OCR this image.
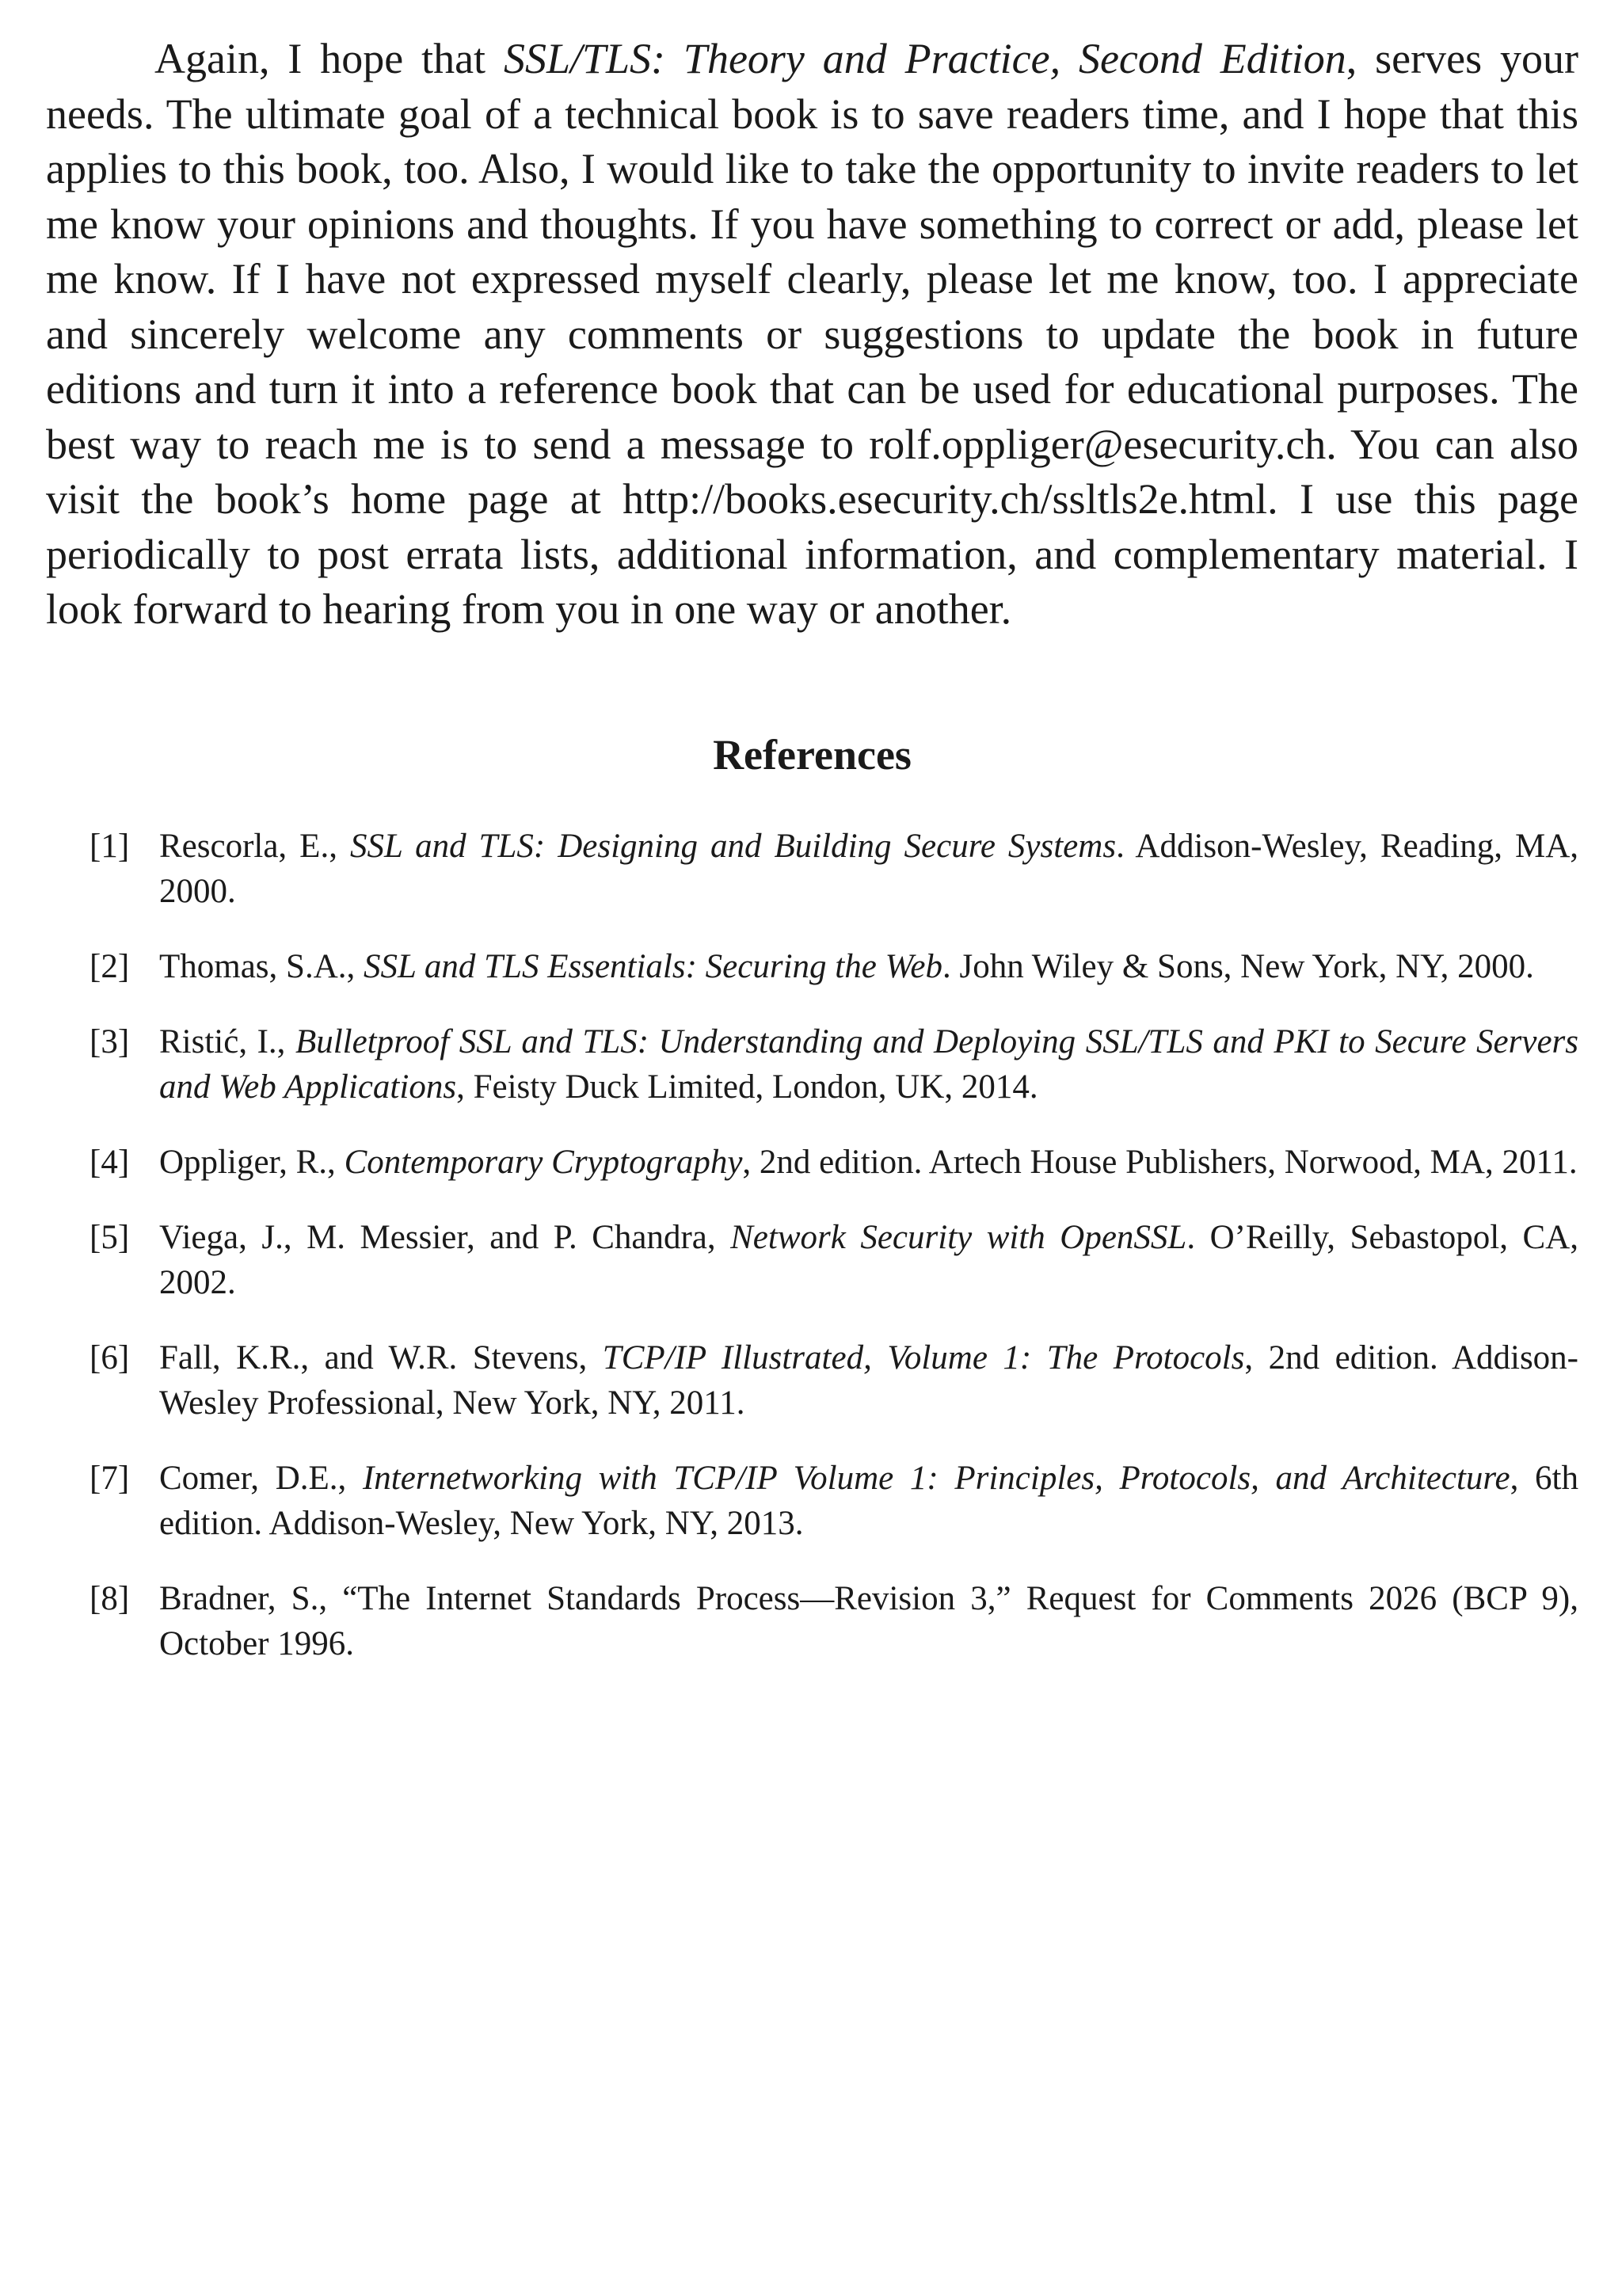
Again, I hope that SSL/TLS: Theory and Practice, Second Edition, serves your needs. The ultimate goal of a technical book is to save readers time, and I hope that this applies to this book, too. Also, I would like to take the opportunity to invite readers to let me know your opinions and thoughts. If you have something to correct or add, please let me know. If I have not expressed myself clearly, please let me know, too. I appreciate and sincerely welcome any comments or suggestions to update the book in future editions and turn it into a reference book that can be used for educational purposes. The best way to reach me is to send a message to rolf.oppliger@esecurity.ch. You can also visit the book’s home page at http://books.esecurity.ch/ssltls2e.html. I use this page periodically to post errata lists, additional information, and complementary material. I look forward to hearing from you in one way or another.

References
[1] Rescorla, E., SSL and TLS: Designing and Building Secure Systems. Addison-Wesley, Reading, MA, 2000.
[2] Thomas, S.A., SSL and TLS Essentials: Securing the Web. John Wiley & Sons, New York, NY, 2000.
[3] Ristić, I., Bulletproof SSL and TLS: Understanding and Deploying SSL/TLS and PKI to Secure Servers and Web Applications, Feisty Duck Limited, London, UK, 2014.
[4] Oppliger, R., Contemporary Cryptography, 2nd edition. Artech House Publishers, Norwood, MA, 2011.
[5] Viega, J., M. Messier, and P. Chandra, Network Security with OpenSSL. O’Reilly, Sebastopol, CA, 2002.
[6] Fall, K.R., and W.R. Stevens, TCP/IP Illustrated, Volume 1: The Protocols, 2nd edition. Addison-Wesley Professional, New York, NY, 2011.
[7] Comer, D.E., Internetworking with TCP/IP Volume 1: Principles, Protocols, and Architecture, 6th edition. Addison-Wesley, New York, NY, 2013.
[8] Bradner, S., “The Internet Standards Process—Revision 3,” Request for Comments 2026 (BCP 9), October 1996.
